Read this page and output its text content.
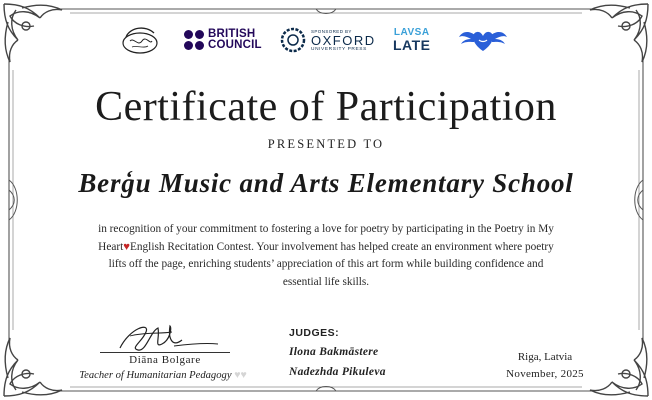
BRITISH
COUNCIL
SPONSORED BY
OXFORD
UNIVERSITY PRESS
LAVSA
LATE
Certificate of Participation
PRESENTED TO
Berģu Music and Arts Elementary School
in recognition of your commitment to fostering a love for poetry by participating in the Poetry in My Heart♥English Recitation Contest. Your involvement has helped create an environment where poetry lifts off the page, enriching students’ appreciation of this art form while building confidence and essential life skills.
Diāna Bolgare
Teacher of Humanitarian Pedagogy ♥♥
JUDGES:
Ilona Bakmāstere
Nadezhda Pikuleva
Riga, Latvia
November, 2025
